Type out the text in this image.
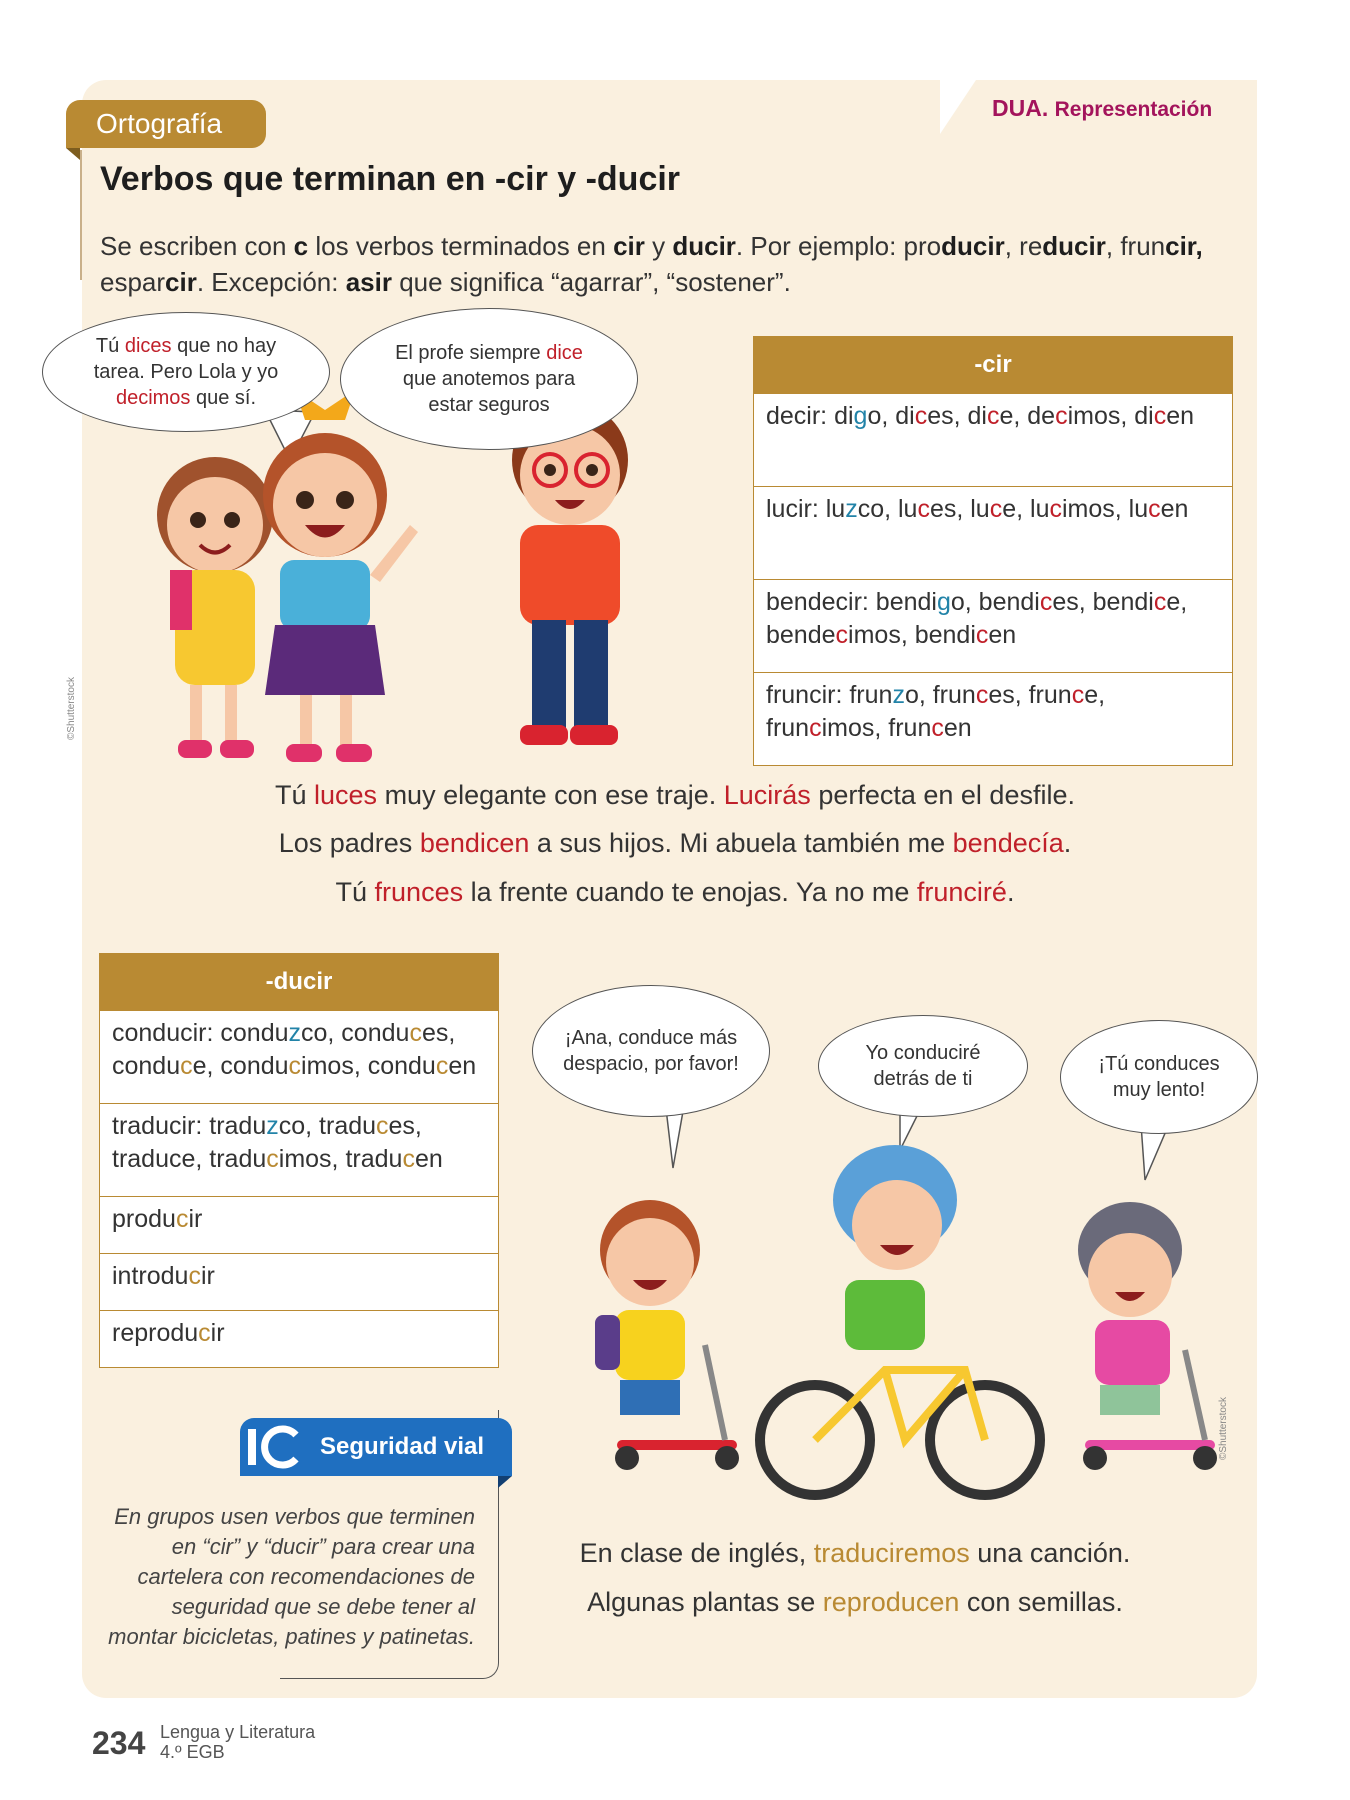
DUA. Representación
Ortografía
Verbos que terminan en -cir y -ducir
Se escriben con c los verbos terminados en cir y ducir. Por ejemplo: producir, reducir, fruncir,
esparcir. Excepción: asir que significa “agarrar”, “sostener”.
Tú dices que no hay tarea. Pero Lola y yo decimos que sí.
El profe siempre dice que anotemos para estar seguros
©Shutterstock
-cir
decir: digo, dices, dice, decimos, dicen
lucir: luzco, luces, luce, lucimos, lucen
bendecir: bendigo, bendices, bendice, bendecimos, bendicen
fruncir: frunzo, frunces, frunce, fruncimos, fruncen
Tú luces muy elegante con ese traje. Lucirás perfecta en el desfile.
Los padres bendicen a sus hijos. Mi abuela también me bendecía.
Tú frunces la frente cuando te enojas. Ya no me frunciré.
-ducir
conducir: conduzco, conduces, conduce, conducimos, conducen
traducir: traduzco, traduces, traduce, traducimos, traducen
producir
introducir
reproducir
¡Ana, conduce más despacio, por favor!	Yo conduciré detrás de ti
¡Tú conduces muy lento!
©Shutterstock
Seguridad vial
En grupos usen verbos que terminen en “cir” y “ducir” para crear una cartelera con recomendaciones de seguridad que se debe tener al montar bicicletas, patines y patinetas.
En clase de inglés, traduciremos una canción.
Algunas plantas se reproducen con semillas.
234 Lengua y Literatura
4.º EGB
